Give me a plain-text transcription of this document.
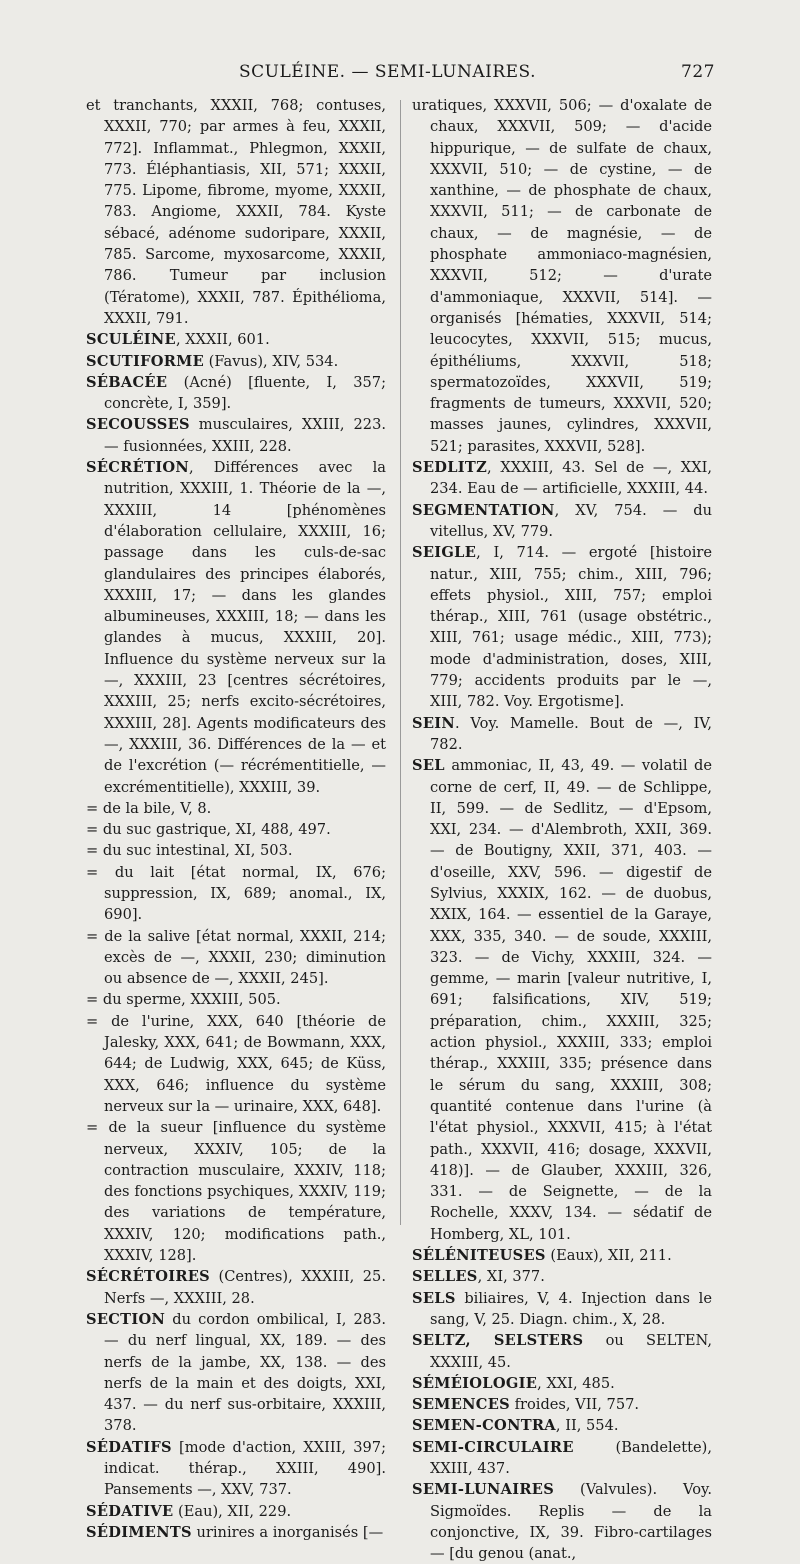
SCULÉINE. — SEMI-LUNAIRES.	727

et tranchants, XXXII, 768; contuses, XXXII, 770; par armes à feu, XXXII, 772]. Inflammat., Phlegmon, XXXII, 773. Éléphantiasis, XII, 571; XXXII, 775. Lipome, fibrome, myome, XXXII, 783. Angiome, XXXII, 784. Kyste sébacé, adénome sudoripare, XXXII, 785. Sarcome, myxosarcome, XXXII, 786. Tumeur par inclusion (Tératome), XXXII, 787. Épithélioma, XXXII, 791.

SCULÉINE, XXXII, 601.

SCUTIFORME (Favus), XIV, 534.

SÉBACÉE (Acné) [fluente, I, 357; concrète, I, 359].

SECOUSSES musculaires, XXIII, 223. — fusionnées, XXIII, 228.

SÉCRÉTION, Différences avec la nutrition, XXXIII, 1. Théorie de la —, XXXIII, 14 [phénomènes d'élaboration cellulaire, XXXIII, 16; passage dans les culs-de-sac glandulaires des principes élaborés, XXXIII, 17; — dans les glandes albumineuses, XXXIII, 18; — dans les glandes à mucus, XXXIII, 20]. Influence du système nerveux sur la —, XXXIII, 23 [centres sécrétoires, XXXIII, 25; nerfs excito-sécrétoires, XXXIII, 28]. Agents modificateurs des —, XXXIII, 36. Différences de la — et de l'excrétion (— récrémentitielle, — excrémentitielle), XXXIII, 39.

= de la bile, V, 8.

= du suc gastrique, XI, 488, 497.

= du suc intestinal, XI, 503.

= du lait [état normal, IX, 676; suppression, IX, 689; anomal., IX, 690].

= de la salive [état normal, XXXII, 214; excès de —, XXXII, 230; diminution ou absence de —, XXXII, 245].

= du sperme, XXXIII, 505.

= de l'urine, XXX, 640 [théorie de Jalesky, XXX, 641; de Bowmann, XXX, 644; de Ludwig, XXX, 645; de Küss, XXX, 646; influence du système nerveux sur la — urinaire, XXX, 648].

= de la sueur [influence du système nerveux, XXXIV, 105; de la contraction musculaire, XXXIV, 118; des fonctions psychiques, XXXIV, 119; des variations de température, XXXIV, 120; modifications path., XXXIV, 128].

SÉCRÉTOIRES (Centres), XXXIII, 25. Nerfs —, XXXIII, 28.

SECTION du cordon ombilical, I, 283. — du nerf lingual, XX, 189. — des nerfs de la jambe, XX, 138. — des nerfs de la main et des doigts, XXI, 437. — du nerf sus-orbitaire, XXXIII, 378.

SÉDATIFS [mode d'action, XXIII, 397; indicat. thérap., XXIII, 490]. Pansements —, XXV, 737.

SÉDATIVE (Eau), XII, 229.

SÉDIMENTS urinires a inorganisés [—

uratiques, XXXVII, 506; — d'oxalate de chaux, XXXVII, 509; — d'acide hippurique, — de sulfate de chaux, XXXVII, 510; — de cystine, — de xanthine, — de phosphate de chaux, XXXVII, 511; — de carbonate de chaux, — de magnésie, — de phosphate ammoniaco-magnésien, XXXVII, 512; — d'urate d'ammoniaque, XXXVII, 514]. — organisés [hématies, XXXVII, 514; leucocytes, XXXVII, 515; mucus, épithéliums, XXXVII, 518; spermatozoïdes, XXXVII, 519; fragments de tumeurs, XXXVII, 520; masses jaunes, cylindres, XXXVII, 521; parasites, XXXVII, 528].

SEDLITZ, XXXIII, 43. Sel de —, XXI, 234. Eau de — artificielle, XXXIII, 44.

SEGMENTATION, XV, 754. — du vitellus, XV, 779.

SEIGLE, I, 714. — ergoté [histoire natur., XIII, 755; chim., XIII, 796; effets physiol., XIII, 757; emploi thérap., XIII, 761 (usage obstétric., XIII, 761; usage médic., XIII, 773); mode d'administration, doses, XIII, 779; accidents produits par le —, XIII, 782. Voy. Ergotisme].

SEIN. Voy. Mamelle. Bout de —, IV, 782.

SEL ammoniac, II, 43, 49. — volatil de corne de cerf, II, 49. — de Schlippe, II, 599. — de Sedlitz, — d'Epsom, XXI, 234. — d'Alembroth, XXII, 369. — de Boutigny, XXII, 371, 403. — d'oseille, XXV, 596. — digestif de Sylvius, XXXIX, 162. — de duobus, XXIX, 164. — essentiel de la Garaye, XXX, 335, 340. — de soude, XXXIII, 323. — de Vichy, XXXIII, 324. — gemme, — marin [valeur nutritive, I, 691; falsifications, XIV, 519; préparation, chim., XXXIII, 325; action physiol., XXXIII, 333; emploi thérap., XXXIII, 335; présence dans le sérum du sang, XXXIII, 308; quantité contenue dans l'urine (à l'état physiol., XXXVII, 415; à l'état path., XXXVII, 416; dosage, XXXVII, 418)]. — de Glauber, XXXIII, 326, 331. — de Seignette, — de la Rochelle, XXXV, 134. — sédatif de Homberg, XL, 101.

SÉLÉNITEUSES (Eaux), XII, 211.

SELLES, XI, 377.

SELS biliaires, V, 4. Injection dans le sang, V, 25. Diagn. chim., X, 28.

SELTZ, SELSTERS ou SELTEN, XXXIII, 45.

SÉMÉIOLOGIE, XXI, 485.

SEMENCES froides, VII, 757.

SEMEN-CONTRA, II, 554.

SEMI-CIRCULAIRE (Bandelette), XXIII, 437.

SEMI-LUNAIRES (Valvules). Voy. Sigmoïdes. Replis — de la conjonctive, IX, 39. Fibro-cartilages — [du genou (anat.,
